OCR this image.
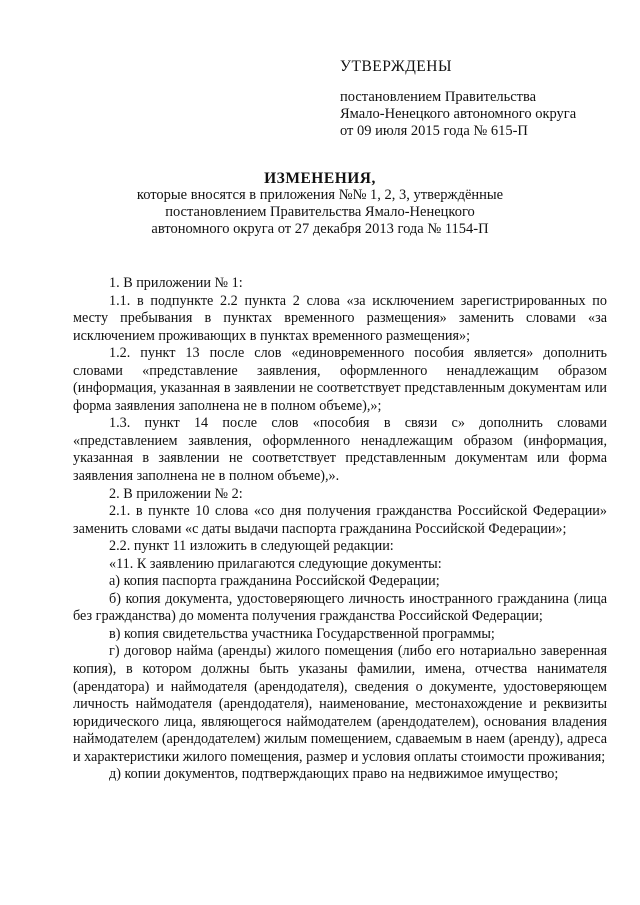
УТВЕРЖДЕНЫ
постановлением Правительства
Ямало-Ненецкого автономного округа
от 09 июля 2015 года № 615-П
ИЗМЕНЕНИЯ,
которые вносятся в приложения №№ 1, 2, 3, утверждённые
постановлением Правительства Ямало-Ненецкого
автономного округа от 27 декабря 2013 года № 1154-П

1. В приложении № 1:

1.1. в подпункте 2.2 пункта 2 слова «за исключением зарегистрированных по месту пребывания в пунктах временного размещения» заменить словами «за исключением проживающих в пунктах временного размещения»;

1.2. пункт 13 после слов «единовременного пособия является» дополнить словами «представление заявления, оформленного ненадлежащим образом (информация, указанная в заявлении не соответствует представленным документам или форма заявления заполнена не в полном объеме),»;

1.3. пункт 14 после слов «пособия в связи с» дополнить словами «представлением заявления, оформленного ненадлежащим образом (информация, указанная в заявлении не соответствует представленным документам или форма заявления заполнена не в полном объеме),».

2. В приложении № 2:

2.1. в пункте 10 слова «со дня получения гражданства Российской Федерации» заменить словами «с даты выдачи паспорта гражданина Российской Федерации»;

2.2. пункт 11 изложить в следующей редакции:

«11. К заявлению прилагаются следующие документы:

а) копия паспорта гражданина Российской Федерации;

б) копия документа, удостоверяющего личность иностранного гражданина (лица без гражданства) до момента получения гражданства Российской Федерации;

в) копия свидетельства участника Государственной программы;

г) договор найма (аренды) жилого помещения (либо его нотариально заверенная копия), в котором должны быть указаны фамилии, имена, отчества нанимателя (арендатора) и наймодателя (арендодателя), сведения о документе, удостоверяющем личность наймодателя (арендодателя), наименование, местонахождение и реквизиты юридического лица, являющегося наймодателем (арендодателем), основания владения наймодателем (арендодателем) жилым помещением, сдаваемым в наем (аренду), адреса и характеристики жилого помещения, размер и условия оплаты стоимости проживания;

д) копии документов, подтверждающих право на недвижимое имущество;
